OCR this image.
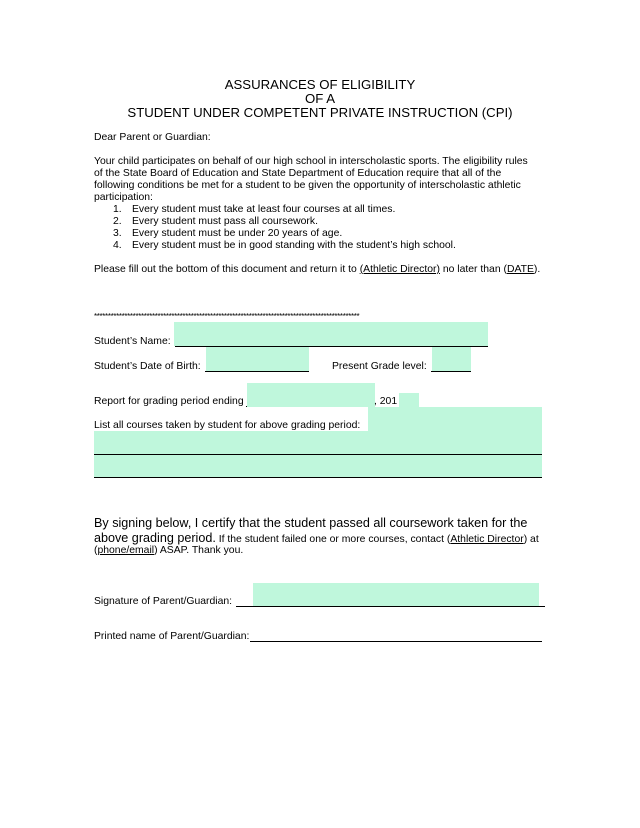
ASSURANCES OF ELIGIBILITY
OF A
STUDENT UNDER COMPETENT PRIVATE INSTRUCTION (CPI)
Dear Parent or Guardian:
Your child participates on behalf of our high school in interscholastic sports. The eligibility rules
of the State Board of Education and State Department of Education require that all of the
following conditions be met for a student to be given the opportunity of interscholastic athletic
participation:
1. Every student must take at least four courses at all times.
2. Every student must pass all coursework.
3. Every student must be under 20 years of age.
4. Every student must be in good standing with the student’s high school.
Please fill out the bottom of this document and return it to (Athletic Director) no later than (DATE).
************************************************************************************************
Student’s Name:
Student’s Date of Birth:	Present Grade level:
Report for grading period ending	, 201
List all courses taken by student for above grading period:
By signing below, I certify that the student passed all coursework taken for the
above grading period. If the student failed one or more courses, contact (Athletic Director) at
(phone/email) ASAP. Thank you.
Signature of Parent/Guardian:
Printed name of Parent/Guardian:
